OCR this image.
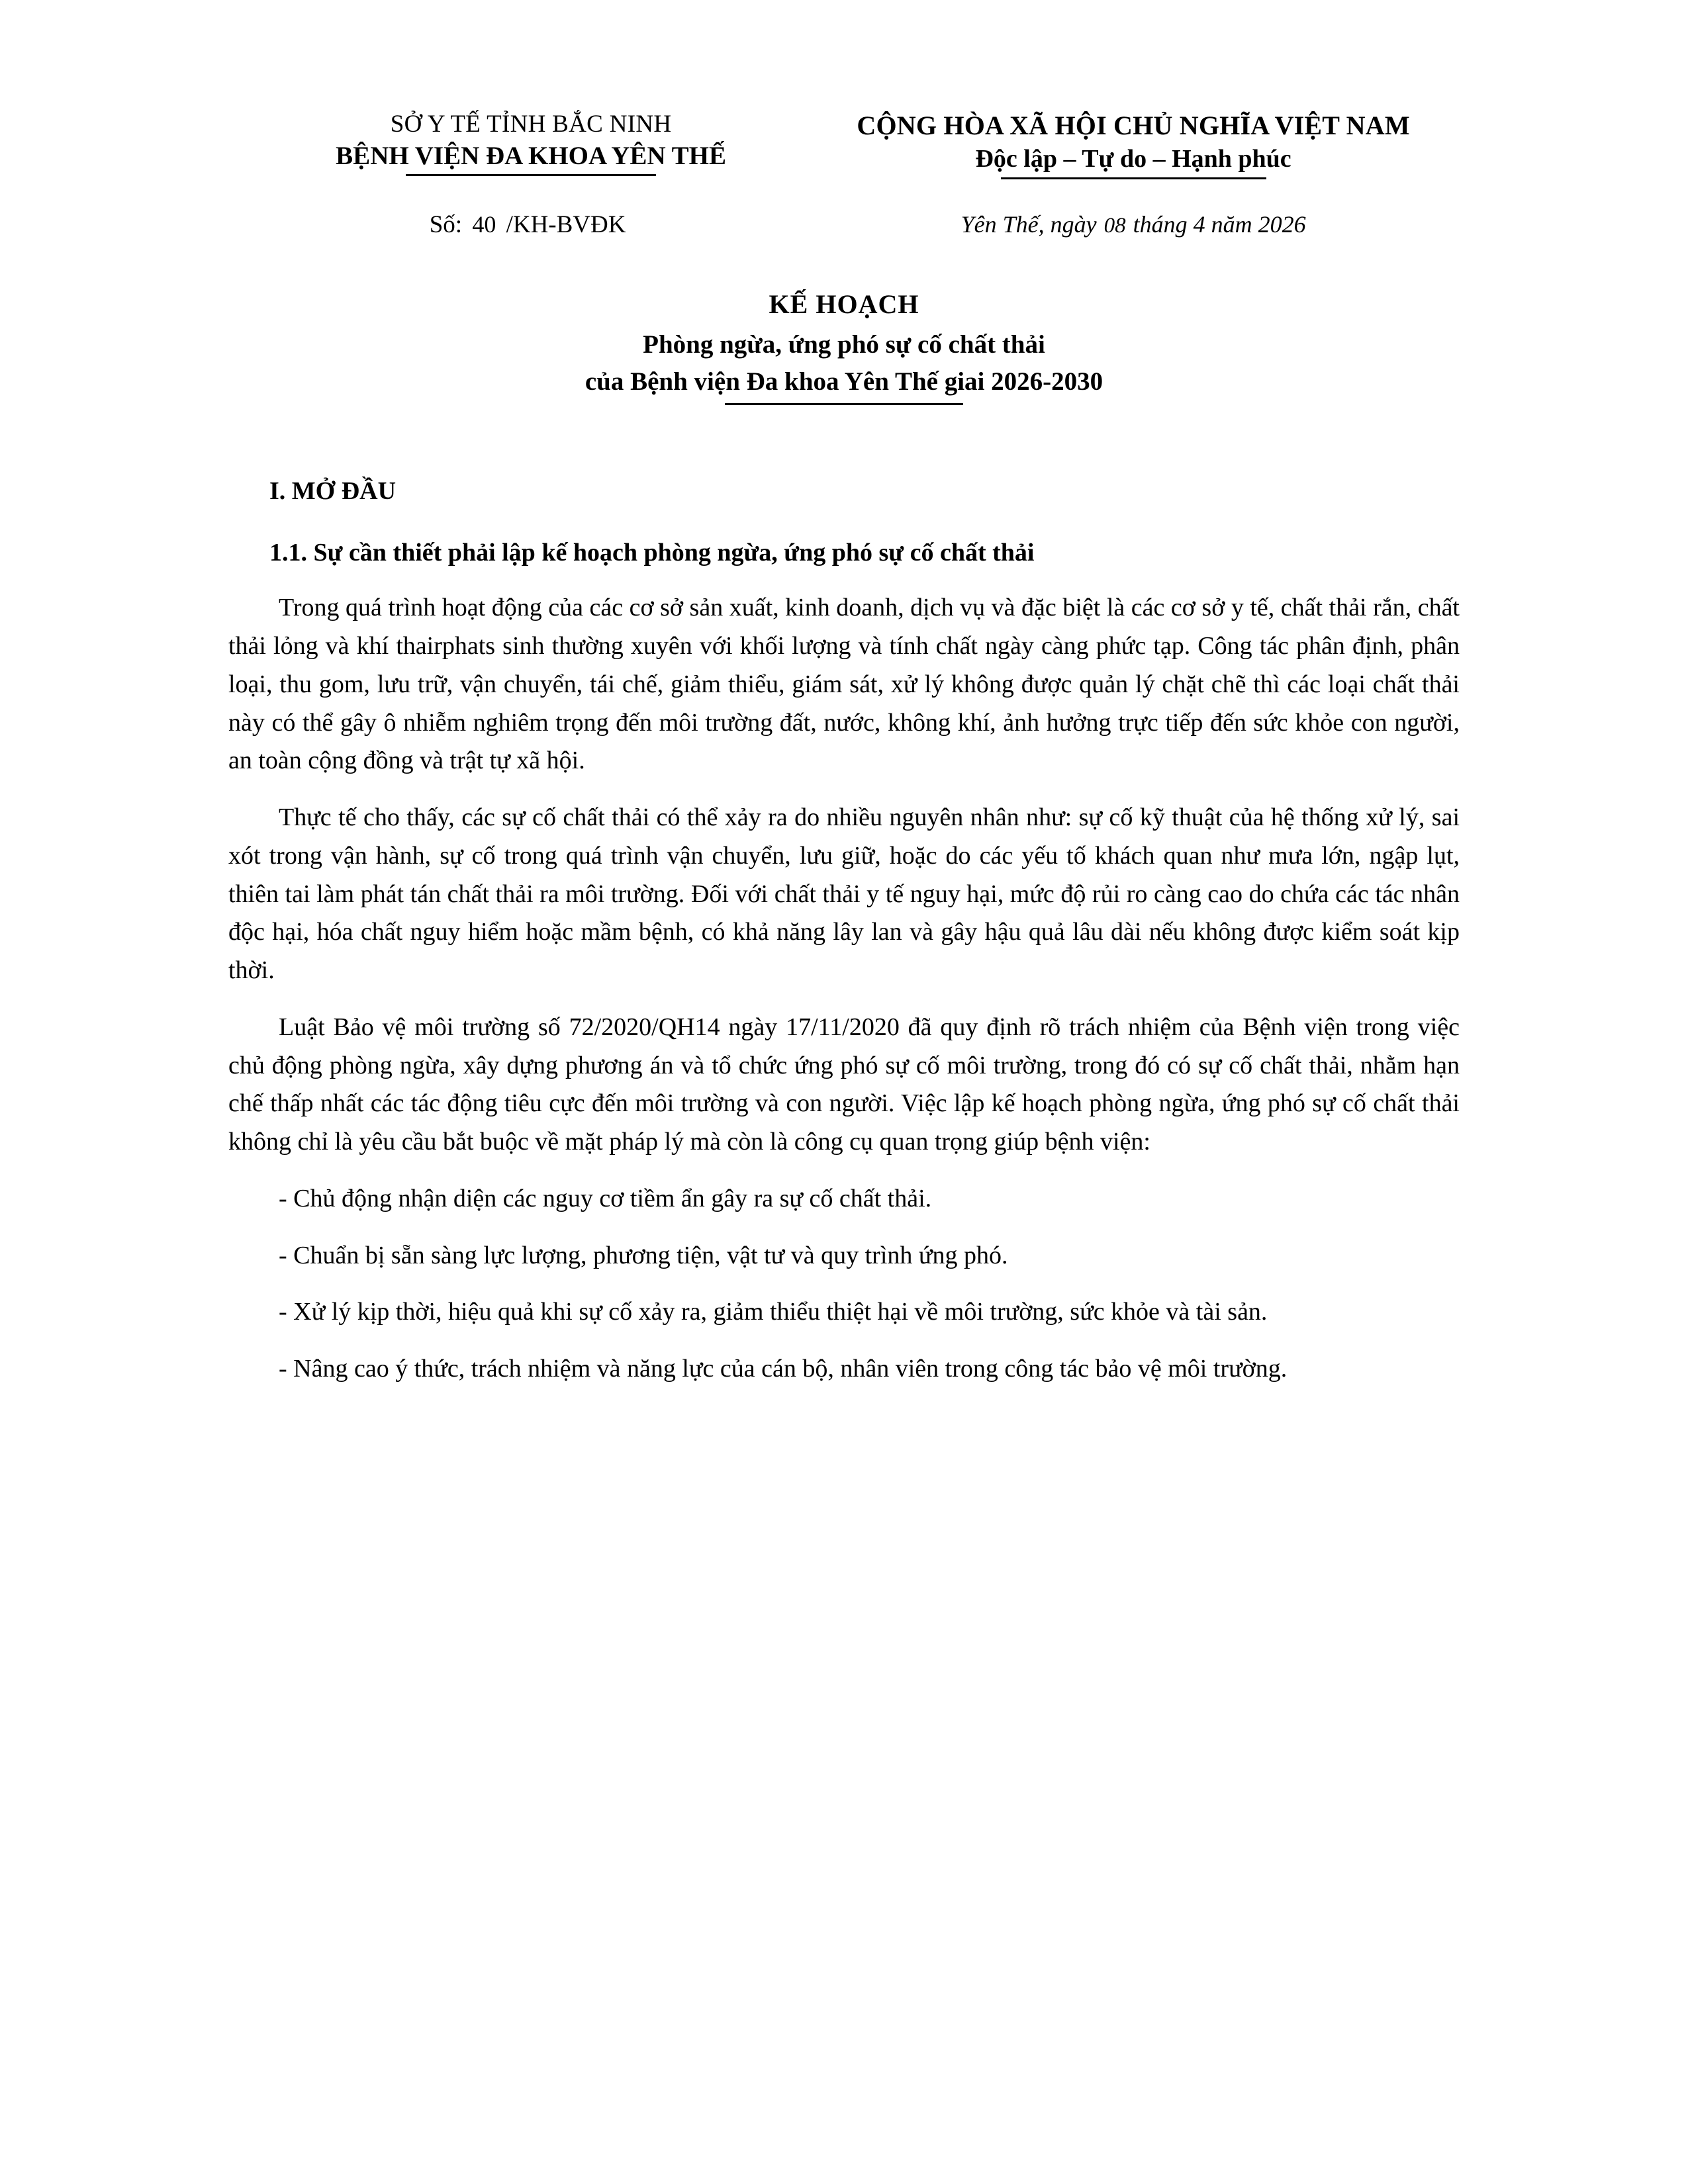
SỞ Y TẾ TỈNH BẮC NINH
BỆNH VIỆN ĐA KHOA YÊN THẾ
CỘNG HÒA XÃ HỘI CHỦ NGHĨA VIỆT NAM
Độc lập – Tự do – Hạnh phúc
Số: 40 /KH-BVĐK	Yên Thế, ngày 08 tháng 4 năm 2026
KẾ HOẠCH
Phòng ngừa, ứng phó sự cố chất thải
của Bệnh viện Đa khoa Yên Thế giai 2026-2030
I. MỞ ĐẦU
1.1. Sự cần thiết phải lập kế hoạch phòng ngừa, ứng phó sự cố chất thải

Trong quá trình hoạt động của các cơ sở sản xuất, kinh doanh, dịch vụ và đặc biệt là các cơ sở y tế, chất thải rắn, chất thải lỏng và khí thairphats sinh thường xuyên với khối lượng và tính chất ngày càng phức tạp. Công tác phân định, phân loại, thu gom, lưu trữ, vận chuyển, tái chế, giảm thiểu, giám sát, xử lý không được quản lý chặt chẽ thì các loại chất thải này có thể gây ô nhiễm nghiêm trọng đến môi trường đất, nước, không khí, ảnh hưởng trực tiếp đến sức khỏe con người, an toàn cộng đồng và trật tự xã hội.

Thực tế cho thấy, các sự cố chất thải có thể xảy ra do nhiều nguyên nhân như: sự cố kỹ thuật của hệ thống xử lý, sai xót trong vận hành, sự cố trong quá trình vận chuyển, lưu giữ, hoặc do các yếu tố khách quan như mưa lớn, ngập lụt, thiên tai làm phát tán chất thải ra môi trường. Đối với chất thải y tế nguy hại, mức độ rủi ro càng cao do chứa các tác nhân độc hại, hóa chất nguy hiểm hoặc mầm bệnh, có khả năng lây lan và gây hậu quả lâu dài nếu không được kiểm soát kịp thời.

Luật Bảo vệ môi trường số 72/2020/QH14 ngày 17/11/2020 đã quy định rõ trách nhiệm của Bệnh viện trong việc chủ động phòng ngừa, xây dựng phương án và tổ chức ứng phó sự cố môi trường, trong đó có sự cố chất thải, nhằm hạn chế thấp nhất các tác động tiêu cực đến môi trường và con người. Việc lập kế hoạch phòng ngừa, ứng phó sự cố chất thải không chỉ là yêu cầu bắt buộc về mặt pháp lý mà còn là công cụ quan trọng giúp bệnh viện:

- Chủ động nhận diện các nguy cơ tiềm ẩn gây ra sự cố chất thải.

- Chuẩn bị sẵn sàng lực lượng, phương tiện, vật tư và quy trình ứng phó.

- Xử lý kịp thời, hiệu quả khi sự cố xảy ra, giảm thiểu thiệt hại về môi trường, sức khỏe và tài sản.

- Nâng cao ý thức, trách nhiệm và năng lực của cán bộ, nhân viên trong công tác bảo vệ môi trường.
